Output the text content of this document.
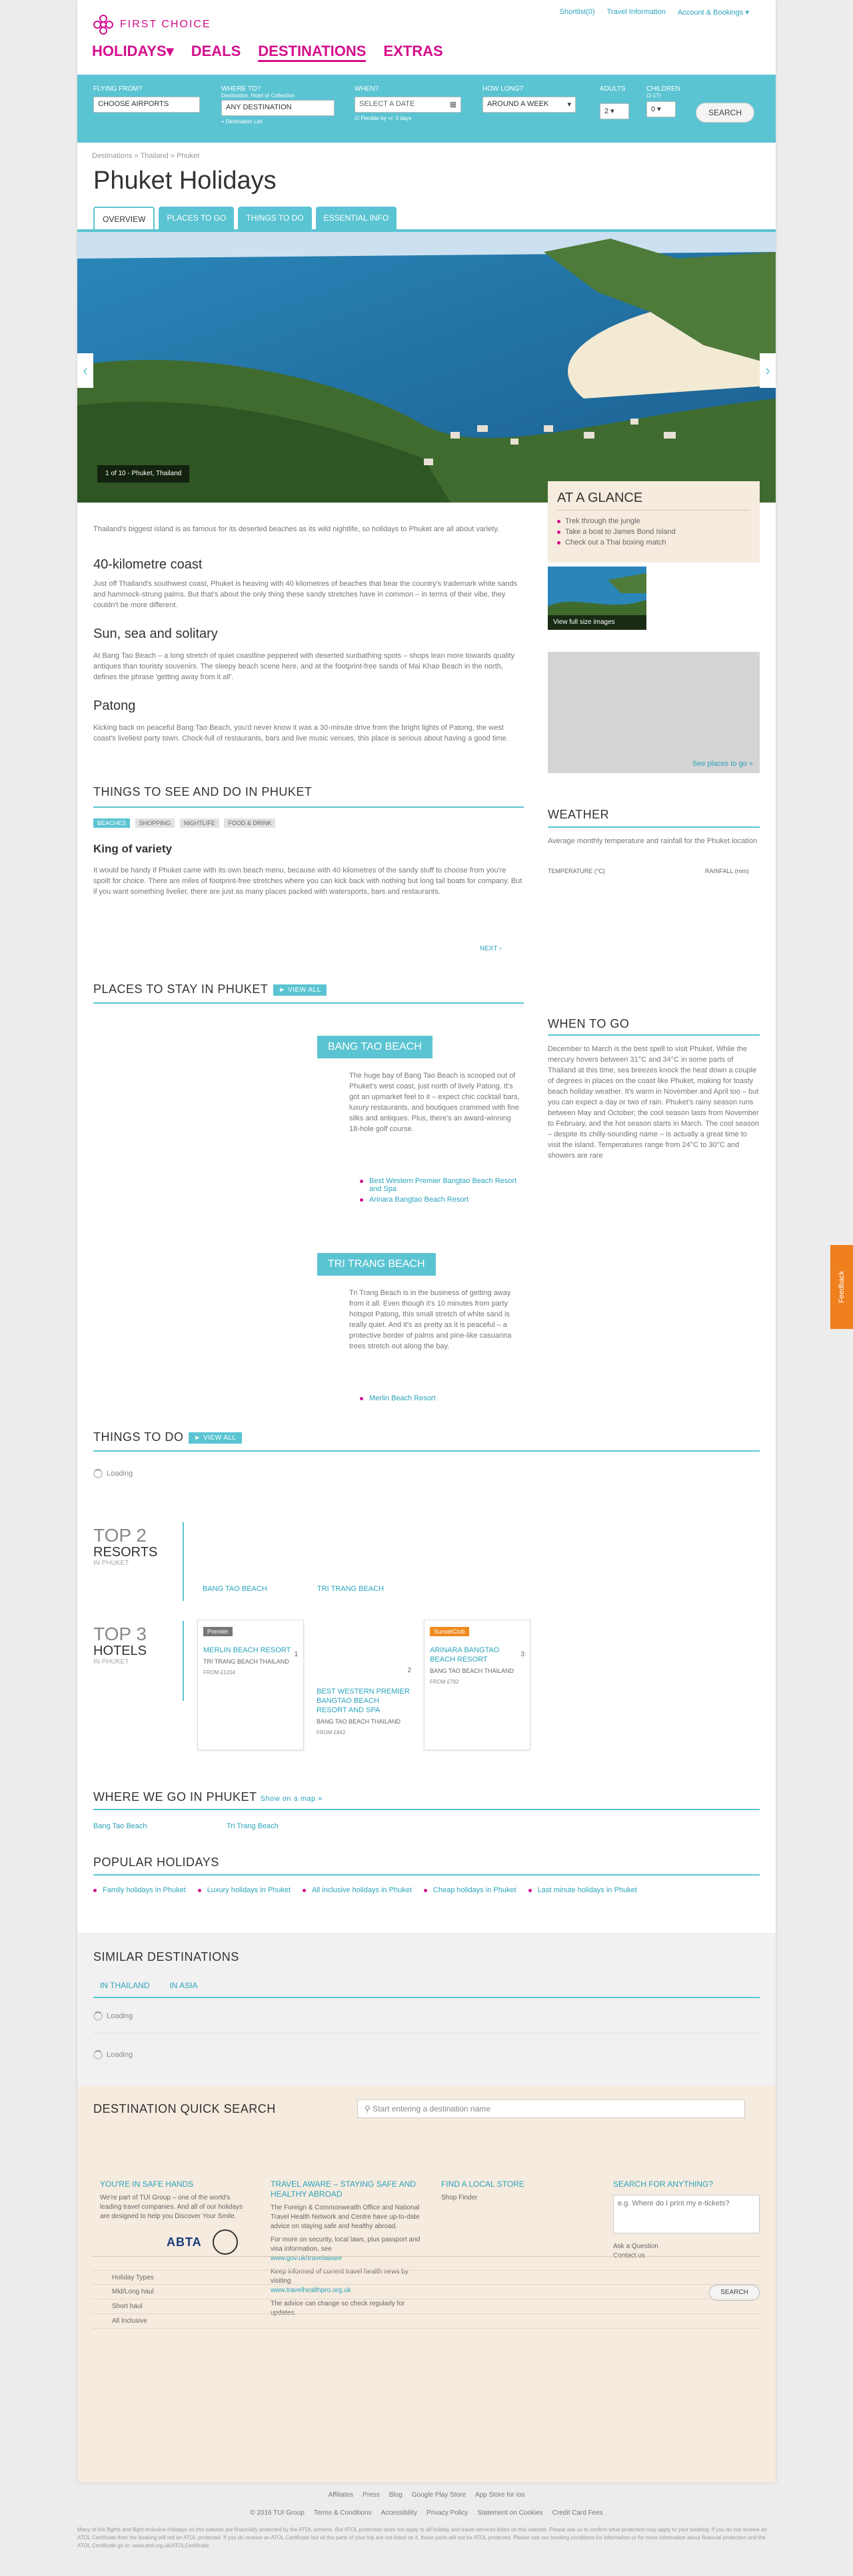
FIRST CHOICE
Shortlist(0) Travel Information Account & Bookings ▾
HOLIDAYS▾ DEALS DESTINATIONS EXTRAS
FLYING FROM?
CHOOSE AIRPORTS
WHERE TO?
Destination, Hotel or Collection
ANY DESTINATION
⌖ Destination List
WHEN?
SELECT A DATE	▦
☑ Flexible by +/- 3 days
HOW LONG?
AROUND A WEEK	▾
ADULTS
2 ▾
CHILDREN
(2-17)
0 ▾	SEARCH
Destinations » Thailand » Phuket
Phuket Holidays
OVERVIEW	PLACES TO GO	THINGS TO DO	ESSENTIAL INFO
‹	›
1 of 10 - Phuket, Thailand
AT A GLANCE
Trek through the jungle
Take a boat to James Bond Island
Check out a Thai boxing match
View full size images
See places to go »
Thailand's biggest island is as famous for its deserted beaches as its wild nightlife, so holidays to Phuket are all about variety.
40-kilometre coast
Just off Thailand's southwest coast, Phuket is heaving with 40 kilometres of beaches that bear the country's trademark white sands and hammock-strung palms. But that's about the only thing these sandy stretches have in common – in terms of their vibe, they couldn't be more different.
Sun, sea and solitary
At Bang Tao Beach – a long stretch of quiet coastline peppered with deserted sunbathing spots – shops lean more towards quality antiques than touristy souvenirs. The sleepy beach scene here, and at the footprint-free sands of Mai Khao Beach in the north, defines the phrase 'getting away from it all'.
Patong
Kicking back on peaceful Bang Tao Beach, you'd never know it was a 30-minute drive from the bright lights of Patong, the west coast's liveliest party town. Chock-full of restaurants, bars and live music venues, this place is serious about having a good time.
THINGS TO SEE AND DO IN PHUKET
BEACHES SHOPPING NIGHTLIFE FOOD & DRINK
King of variety
It would be handy if Phuket came with its own beach menu, because with 40 kilometres of the sandy stuff to choose from you're spoilt for choice. There are miles of footprint-free stretches where you can kick back with nothing but long tail boats for company. But if you want something livelier, there are just as many places packed with watersports, bars and restaurants.
NEXT ›
WEATHER
Average monthly temperature and rainfall for the Phuket location
TEMPERATURE (°C)	RAINFALL (mm)
PLACES TO STAY IN PHUKET ► VIEW ALL
BANG TAO BEACH
The huge bay of Bang Tao Beach is scooped out of Phuket's west coast, just north of lively Patong. It's got an upmarket feel to it – expect chic cocktail bars, luxury restaurants, and boutiques crammed with fine silks and antiques. Plus, there's an award-winning 18-hole golf course.
Best Western Premier Bangtao Beach Resort and Spa
Arinara Bangtao Beach Resort
TRI TRANG BEACH
Tri Trang Beach is in the business of getting away from it all. Even though it's 10 minutes from party hotspot Patong, this small stretch of white sand is really quiet. And it's as pretty as it is peaceful – a protective border of palms and pine-like casuarina trees stretch out along the bay.
Merlin Beach Resort
WHEN TO GO
December to March is the best spell to visit Phuket. While the mercury hovers between 31°C and 34°C in some parts of Thailand at this time, sea breezes knock the heat down a couple of degrees in places on the coast like Phuket, making for toasty beach holiday weather. It's warm in November and April too – but you can expect a day or two of rain. Phuket's rainy season runs between May and October; the cool season lasts from November to February, and the hot season starts in March. The cool season – despite its chilly-sounding name – is actually a great time to visit the island. Temperatures range from 24°C to 30°C and showers are rare
THINGS TO DO ► VIEW ALL
Loading
TOP 2
RESORTS
IN PHUKET
BANG TAO BEACH	TRI TRANG BEACH
TOP 3
HOTELS
IN PHUKET
Premier
1
MERLIN BEACH RESORT
TRI TRANG BEACH THAILAND
FROM £1204	2
BEST WESTERN PREMIER BANGTAO BEACH RESORT AND SPA
BANG TAO BEACH THAILAND
FROM £842
SunsetClub
3
ARINARA BANGTAO BEACH RESORT
BANG TAO BEACH THAILAND
FROM £782
WHERE WE GO IN PHUKET Show on a map »
Bang Tao Beach	Tri Trang Beach
POPULAR HOLIDAYS
Family holidays in Phuket	Luxury holidays in Phuket	All inclusive holidays in Phuket	Cheap holidays in Phuket	Last minute holidays in Phuket
SIMILAR DESTINATIONS
IN THAILAND	IN ASIA
Loading
Loading
DESTINATION QUICK SEARCH	⚲ Start entering a destination name
YOU'RE IN SAFE HANDS
We're part of TUI Group – one of the world's leading travel companies. And all of our holidays are designed to help you Discover Your Smile.
ABTA
TRAVEL AWARE – STAYING SAFE AND HEALTHY ABROAD
The Foreign & Commonwealth Office and National Travel Health Network and Centre have up-to-date advice on staying safe and healthy abroad.
For more on security, local laws, plus passport and visa information, see
www.gov.uk/travelaware
Keep informed of current travel health news by visiting
www.travelhealthpro.org.uk
The advice can change so check regularly for updates.
FIND A LOCAL STORE
Shop Finder
SEARCH FOR ANYTHING?
e.g. Where do I print my e-tickets?
Ask a Question
Contact us
SEARCH
Holiday Types
Mid/Long haul
Short haul
All Inclusive
Affiliates Press Blog Google Play Store App Store for ios
© 2016 TUI Group Terms & Conditions Accessibility Privacy Policy Statement on Cookies Credit Card Fees
Many of the flights and flight-inclusive holidays on this website are financially protected by the ATOL scheme. But ATOL protection does not apply to all holiday and travel services listed on this website. Please ask us to confirm what protection may apply to your booking. If you do not receive an ATOL Certificate then the booking will not be ATOL protected. If you do receive an ATOL Certificate but all the parts of your trip are not listed on it, those parts will not be ATOL protected. Please see our booking conditions for information or for more information about financial protection and the ATOL Certificate go to: www.atol.org.uk/ATOLCertificate
Feedback
